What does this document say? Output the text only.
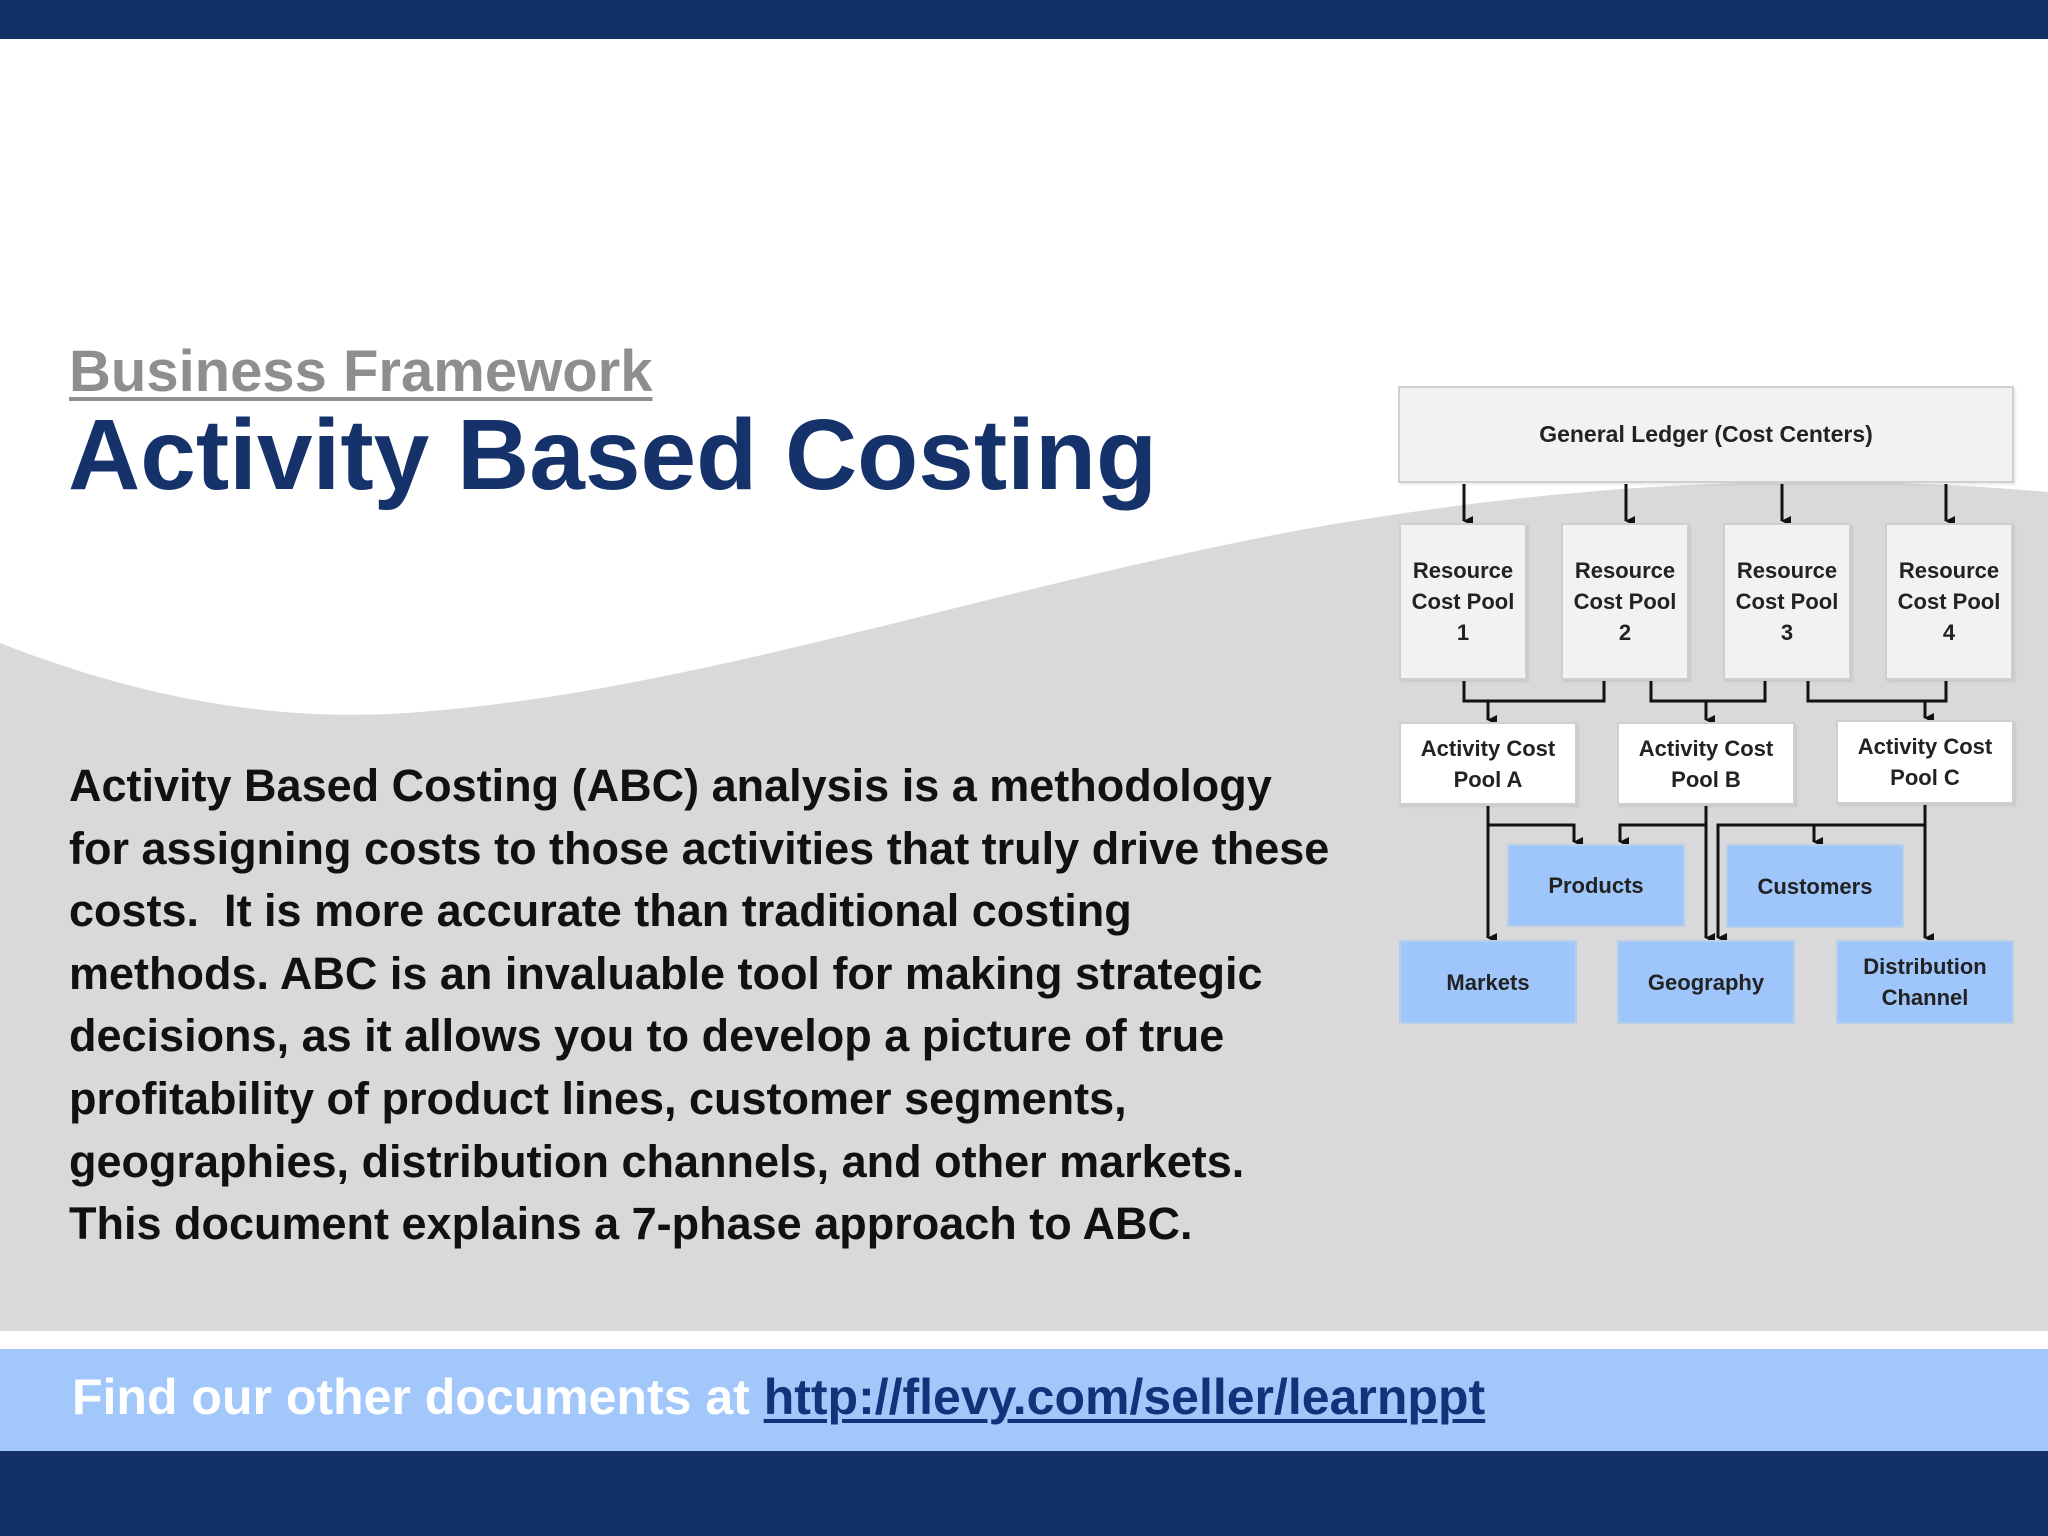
Business Framework
Activity Based Costing
Activity Based Costing (ABC) analysis is a methodology
for assigning costs to those activities that truly drive these
costs.  It is more accurate than traditional costing
methods. ABC is an invaluable tool for making strategic
decisions, as it allows you to develop a picture of true
profitability of product lines, customer segments,
geographies, distribution channels, and other markets.
This document explains a 7-phase approach to ABC.
General Ledger (Cost Centers)
Resource
Cost Pool
1
Resource
Cost Pool
2
Resource
Cost Pool
3
Resource
Cost Pool
4
Activity Cost
Pool A
Activity Cost
Pool B
Activity Cost
Pool C
Products	Customers
Markets	Geography
Distribution
Channel
Find our other documents at http://flevy.com/seller/learnppt
